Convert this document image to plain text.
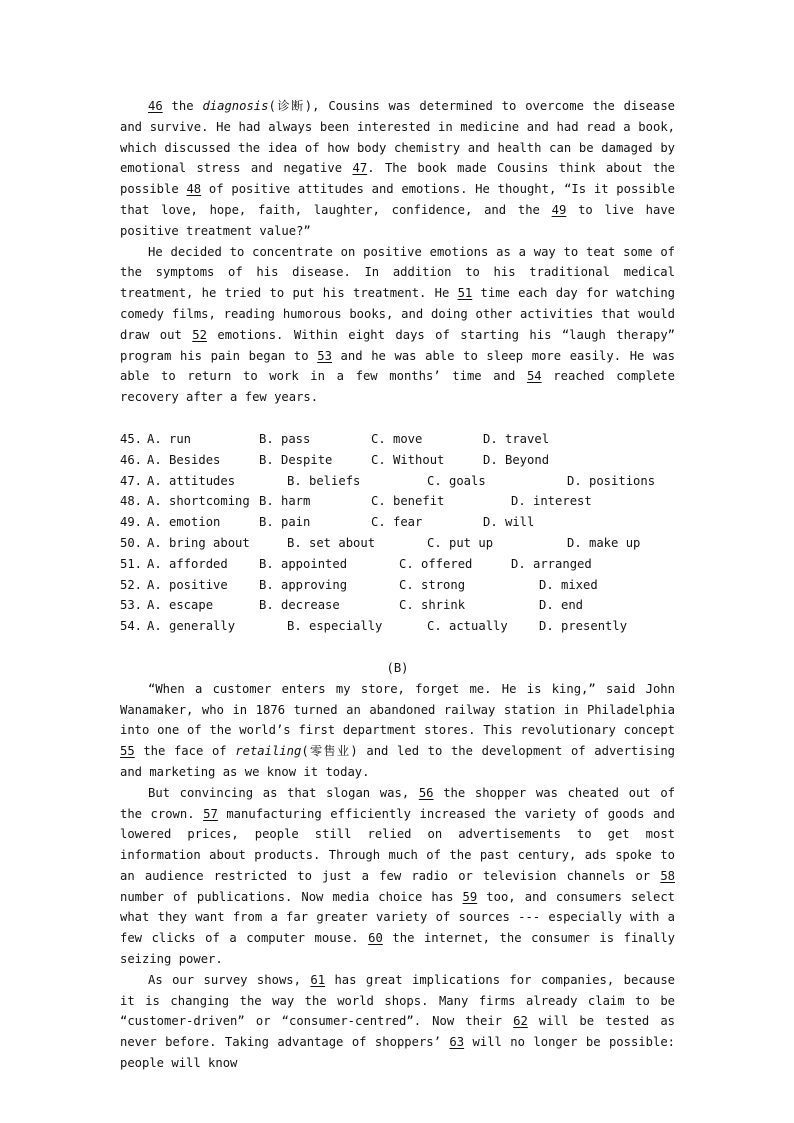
46 the diagnosis(诊断), Cousins was determined to overcome the disease and survive. He had always been interested in medicine and had read a book, which discussed the idea of how body chemistry and health can be damaged by emotional stress and negative 47. The book made Cousins think about the possible 48 of positive attitudes and emotions. He thought, “Is it possible that love, hope, faith, laughter, confidence, and the 49 to live have positive treatment value?”

He decided to concentrate on positive emotions as a way to teat some of the symptoms of his disease. In addition to his traditional medical treatment, he tried to put his treatment. He 51 time each day for watching comedy films, reading humorous books, and doing other activities that would draw out 52 emotions. Within eight days of starting his “laugh therapy” program his pain began to 53 and he was able to sleep more easily. He was able to return to work in a few months’ time and 54 reached complete recovery after a few years.

45. A. run	B. pass	C. move	D. travel
46. A. Besides	B. Despite	C. Without	D. Beyond
47. A. attitudes	B. beliefs	C. goals	D. positions
48. A. shortcoming B. harm	C. benefit	D. interest
49. A. emotion	B. pain	C. fear	D. will
50. A. bring about	B. set about	C. put up	D. make up
51. A. afforded	B. appointed	C. offered	D. arranged
52. A. positive	B. approving	C. strong	D. mixed
53. A. escape	B. decrease	C. shrink	D. end
54. A. generally	B. especially	C. actually	D. presently

(B)

“When a customer enters my store, forget me. He is king,” said John Wanamaker, who in 1876 turned an abandoned railway station in Philadelphia into one of the world’s first department stores. This revolutionary concept 55 the face of retailing(零售业) and led to the development of advertising and marketing as we know it today.

But convincing as that slogan was, 56 the shopper was cheated out of the crown. 57 manufacturing efficiently increased the variety of goods and lowered prices, people still relied on advertisements to get most information about products. Through much of the past century, ads spoke to an audience restricted to just a few radio or television channels or 58 number of publications. Now media choice has 59 too, and consumers select what they want from a far greater variety of sources --- especially with a few clicks of a computer mouse. 60 the internet, the consumer is finally seizing power.

As our survey shows, 61 has great implications for companies, because it is changing the way the world shops. Many firms already claim to be “customer-driven” or “consumer-centred”. Now their 62 will be tested as never before. Taking advantage of shoppers’ 63 will no longer be possible: people will know
